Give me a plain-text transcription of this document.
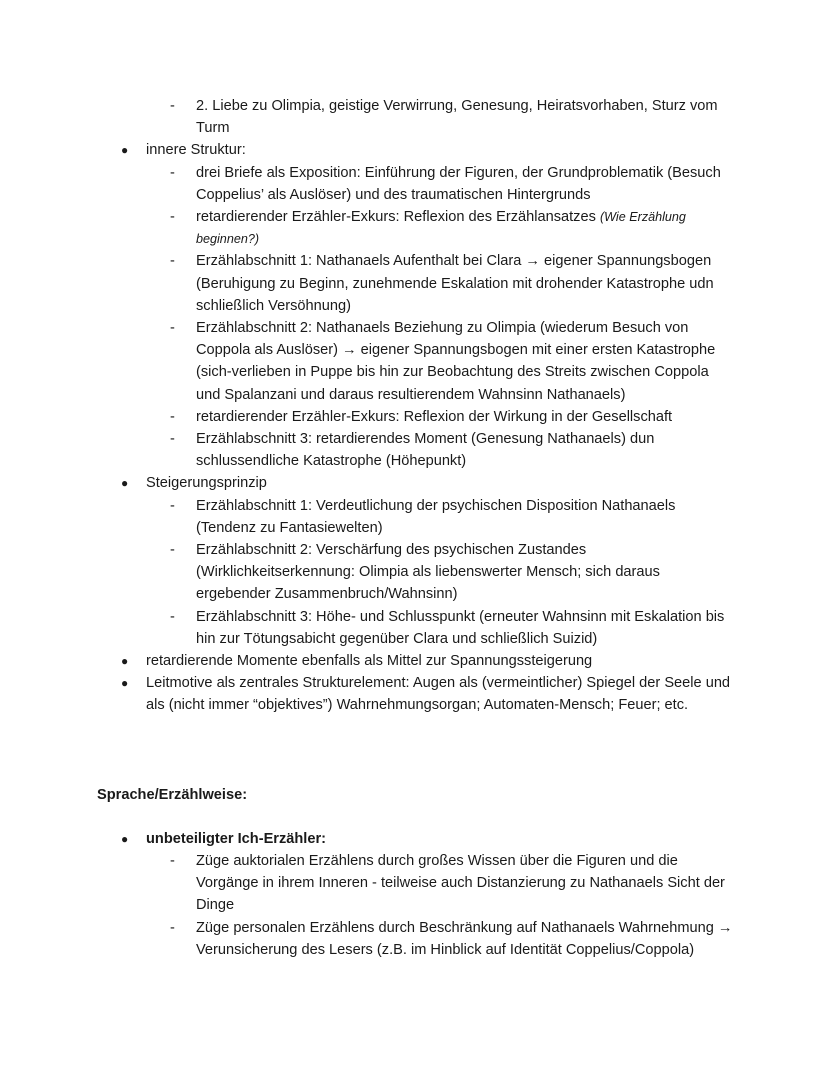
- 2. Liebe zu Olimpia, geistige Verwirrung, Genesung, Heiratsvorhaben, Sturz vom Turm
● innere Struktur:
- drei Briefe als Exposition: Einführung der Figuren, der Grundproblematik (Besuch Coppelius’ als Auslöser) und des traumatischen Hintergrunds
- retardierender Erzähler-Exkurs: Reflexion des Erzählansatzes (Wie Erzählung beginnen?)
- Erzählabschnitt 1: Nathanaels Aufenthalt bei Clara → eigener Spannungsbogen (Beruhigung zu Beginn, zunehmende Eskalation mit drohender Katastrophe udn schließlich Versöhnung)
- Erzählabschnitt 2: Nathanaels Beziehung zu Olimpia (wiederum Besuch von Coppola als Auslöser) → eigener Spannungsbogen mit einer ersten Katastrophe (sich-verlieben in Puppe bis hin zur Beobachtung des Streits zwischen Coppola und Spalanzani und daraus resultierendem Wahnsinn Nathanaels)
- retardierender Erzähler-Exkurs: Reflexion der Wirkung in der Gesellschaft
- Erzählabschnitt 3: retardierendes Moment (Genesung Nathanaels) dun schlussendliche Katastrophe (Höhepunkt)
● Steigerungsprinzip
- Erzählabschnitt 1: Verdeutlichung der psychischen Disposition Nathanaels (Tendenz zu Fantasiewelten)
- Erzählabschnitt 2: Verschärfung des psychischen Zustandes (Wirklichkeitserkennung: Olimpia als liebenswerter Mensch; sich daraus ergebender Zusammenbruch/Wahnsinn)
- Erzählabschnitt 3: Höhe- und Schlusspunkt (erneuter Wahnsinn mit Eskalation bis hin zur Tötungsabicht gegenüber Clara und schließlich Suizid)
● retardierende Momente ebenfalls als Mittel zur Spannungssteigerung
● Leitmotive als zentrales Strukturelement: Augen als (vermeintlicher) Spiegel der Seele und als (nicht immer “objektives”) Wahrnehmungsorgan; Automaten-Mensch; Feuer; etc.
Sprache/Erzählweise:
● unbeteiligter Ich-Erzähler:
- Züge auktorialen Erzählens durch großes Wissen über die Figuren und die Vorgänge in ihrem Inneren - teilweise auch Distanzierung zu Nathanaels Sicht der Dinge
- Züge personalen Erzählens durch Beschränkung auf Nathanaels Wahrnehmung → Verunsicherung des Lesers (z.B. im Hinblick auf Identität Coppelius/Coppola)
